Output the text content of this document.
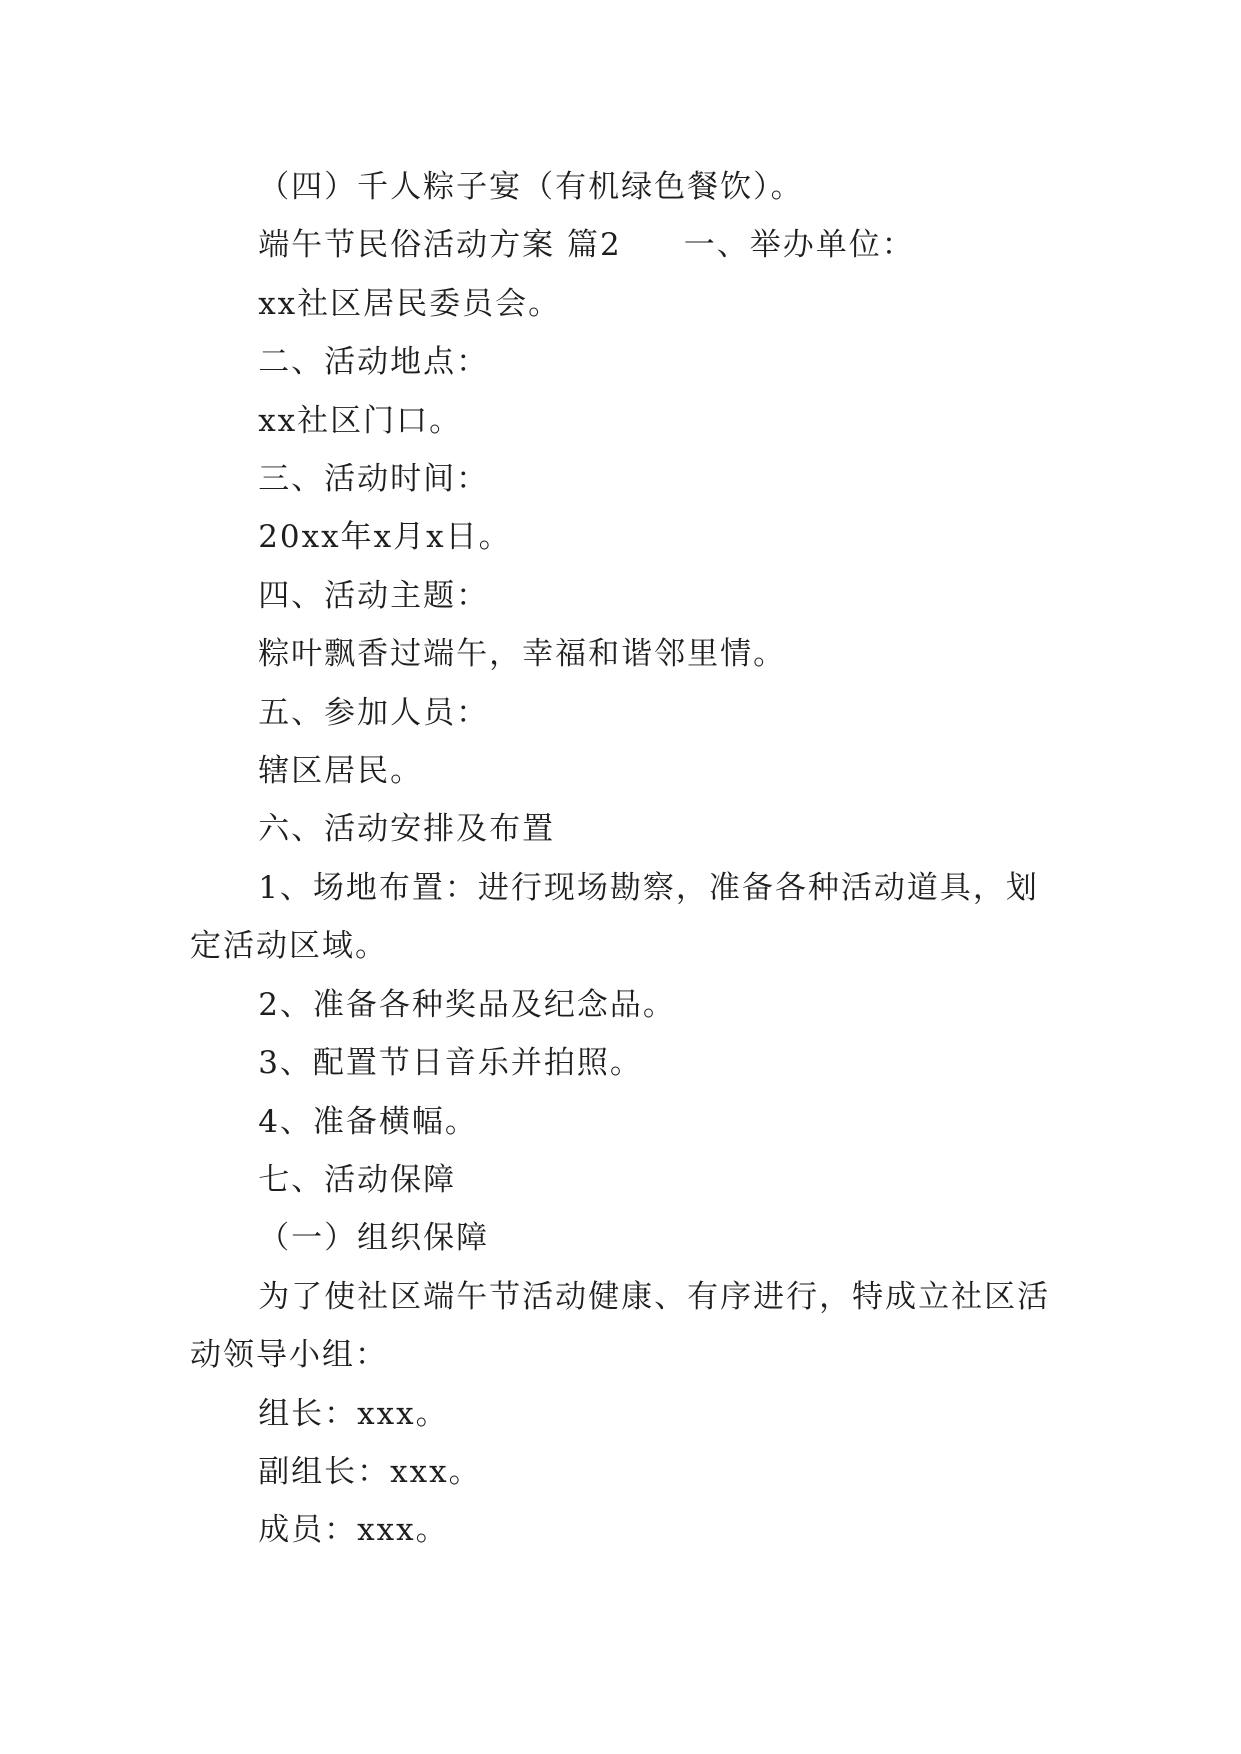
（四）千人粽子宴（有机绿色餐饮）。

端午节民俗活动方案 篇2 一、举办单位：

xx社区居民委员会。

二、活动地点：

xx社区门口。

三、活动时间：

20xx年x月x日。

四、活动主题：

粽叶飘香过端午，幸福和谐邻里情。

五、参加人员：

辖区居民。

六、活动安排及布置

1、场地布置：进行现场勘察，准备各种活动道具，划定活动区域。

2、准备各种奖品及纪念品。

3、配置节日音乐并拍照。

4、准备横幅。

七、活动保障

（一）组织保障

为了使社区端午节活动健康、有序进行，特成立社区活动领导小组：

组长：xxx。

副组长：xxx。

成员：xxx。
